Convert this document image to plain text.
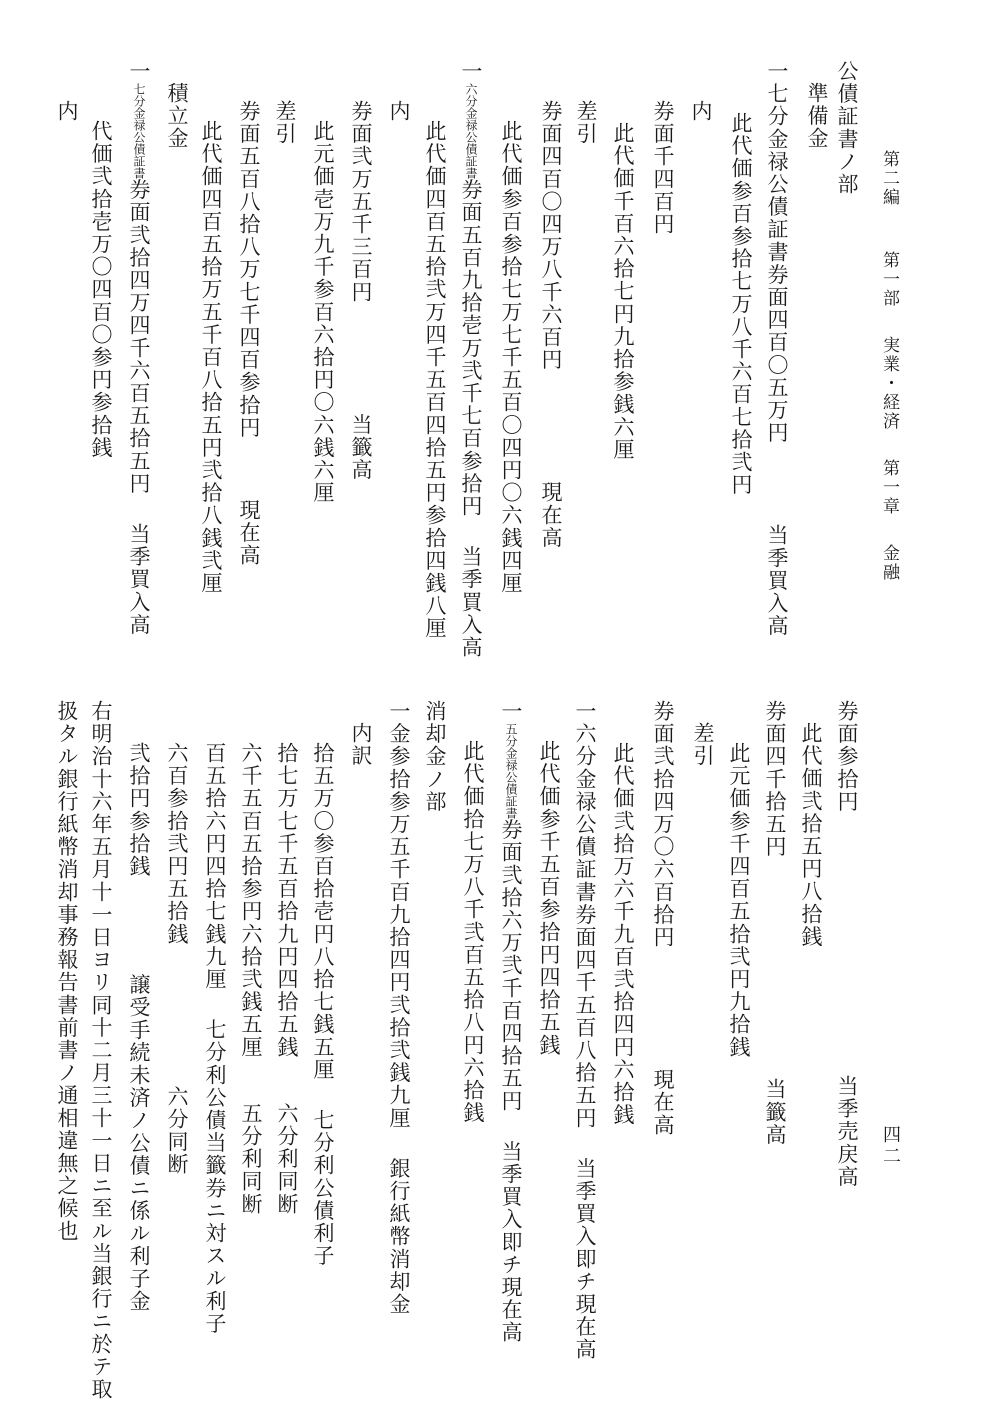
第二編第一部実業・経済第一章金融
四二
公債証書ノ部
準備金
一七分金禄公債証書券面四百〇五万円当季買入高
此代価参百参拾七万八千六百七拾弐円
内
券面千四百円
此代価千百六拾七円九拾参銭六厘
差引
券面四百〇四万八千六百円現在高
此代価参百参拾七万七千五百〇四円〇六銭四厘
一六分金禄公債証書券面五百九拾壱万弐千七百参拾円当季買入高
此代価四百五拾弐万四千五百四拾五円参拾四銭八厘
内
券面弐万五千三百円当籤高
此元価壱万九千参百六拾円〇六銭六厘
差引
券面五百八拾八万七千四百参拾円現在高
此代価四百五拾万五千百八拾五円弐拾八銭弐厘
積立金
一七分金禄公債証書券面弐拾四万四千六百五拾五円当季買入高
代価弐拾壱万〇四百〇参円参拾銭
内
券面参拾円当季売戻高
此代価弐拾五円八拾銭
券面四千拾五円当籤高
此元価参千四百五拾弐円九拾銭
差引
券面弐拾四万〇六百拾円現在高
此代価弐拾万六千九百弐拾四円六拾銭
一六分金禄公債証書券面四千五百八拾五円当季買入即チ現在高
此代価参千五百参拾円四拾五銭
一五分金禄公債証書券面弐拾六万弐千百四拾五円当季買入即チ現在高
此代価拾七万八千弐百五拾八円六拾銭
消却金ノ部
一金参拾参万五千百九拾四円弐拾弐銭九厘銀行紙幣消却金
内訳
拾五万〇参百拾壱円八拾七銭五厘七分利公債利子
拾七万七千五百拾九円四拾五銭六分利同断
六千五百五拾参円六拾弐銭五厘五分利同断
百五拾六円四拾七銭九厘七分利公債当籤券ニ対スル利子
六百参拾弐円五拾銭六分同断
弐拾円参拾銭譲受手続未済ノ公債ニ係ル利子金
右明治十六年五月十一日ヨリ同十二月三十一日ニ至ル当銀行ニ於テ取
扱タル銀行紙幣消却事務報告書前書ノ通相違無之候也
